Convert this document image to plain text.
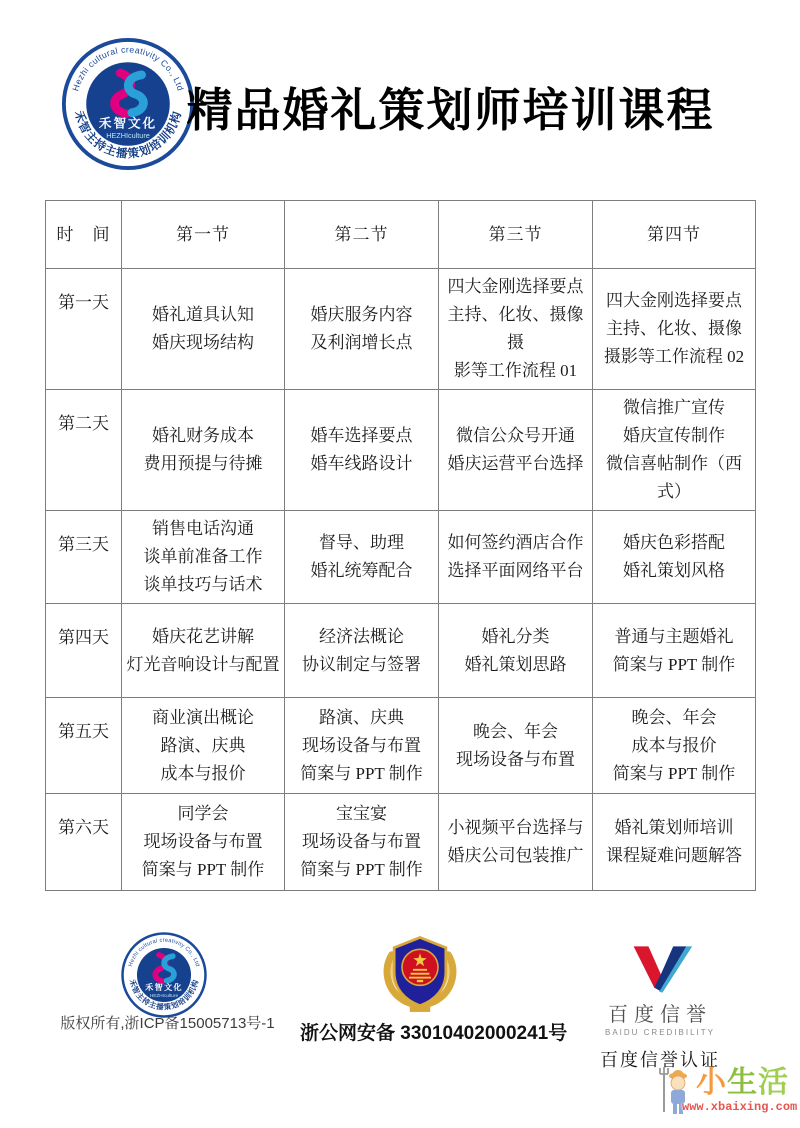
精品婚礼策划师培训课程
时　间	第一节	第二节	第三节	第四节
第一天	婚礼道具认知
婚庆现场结构	婚庆服务内容
及利润增长点	四大金刚选择要点
主持、化妆、摄像摄
影等工作流程 01	四大金刚选择要点
主持、化妆、摄像
摄影等工作流程 02
第二天	婚礼财务成本
费用预提与待摊	婚车选择要点
婚车线路设计	微信公众号开通
婚庆运营平台选择	微信推广宣传
婚庆宣传制作
微信喜帖制作（西式）
第三天	销售电话沟通
谈单前准备工作
谈单技巧与话术	督导、助理
婚礼统筹配合	如何签约酒店合作
选择平面网络平台	婚庆色彩搭配
婚礼策划风格
第四天	婚庆花艺讲解
灯光音响设计与配置	经济法概论
协议制定与签署	婚礼分类
婚礼策划思路	普通与主题婚礼
简案与 PPT 制作
第五天	商业演出概论
路演、庆典
成本与报价	路演、庆典
现场设备与布置
简案与 PPT 制作	晚会、年会
现场设备与布置	晚会、年会
成本与报价
简案与 PPT 制作
第六天	同学会
现场设备与布置
简案与 PPT 制作	宝宝宴
现场设备与布置
简案与 PPT 制作	小视频平台选择与
婚庆公司包装推广	婚礼策划师培训
课程疑难问题解答
版权所有,浙ICP备15005713号-1 浙公网安备 33010402000241号
百度信誉
BAIDU CREDIBILITY
百度信誉认证
小 生 活
www.xbaixing.com
